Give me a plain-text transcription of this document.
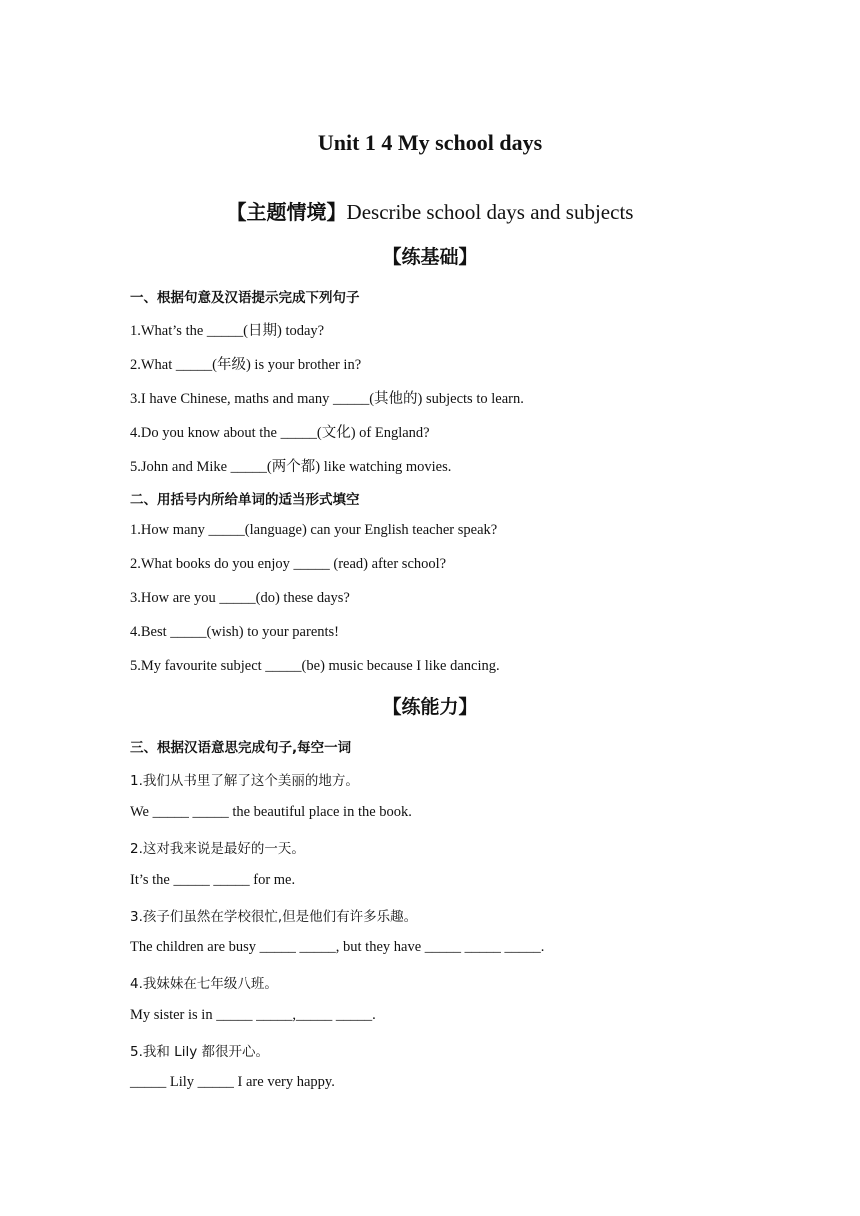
Unit 1 4 My school days
【主题情境】Describe school days and subjects
【练基础】
一、根据句意及汉语提示完成下列句子
1.What’s the _____(日期) today?
2.What _____(年级) is your brother in?
3.I have Chinese, maths and many _____(其他的) subjects to learn.
4.Do you know about the _____(文化) of England?
5.John and Mike _____(两个都) like watching movies.
二、用括号内所给单词的适当形式填空
1.How many _____(language) can your English teacher speak?
2.What books do you enjoy _____ (read) after school?
3.How are you _____(do) these days?
4.Best _____(wish) to your parents!
5.My favourite subject _____(be) music because I like dancing.
【练能力】
三、根据汉语意思完成句子,每空一词
1.我们从书里了解了这个美丽的地方。
We _____ _____ the beautiful place in the book.
2.这对我来说是最好的一天。
It’s the _____ _____ for me.
3.孩子们虽然在学校很忙,但是他们有许多乐趣。
The children are busy _____ _____, but they have _____ _____ _____.
4.我妹妹在七年级八班。
My sister is in _____ _____,_____ _____.
5.我和 Lily 都很开心。
_____ Lily _____ I are very happy.
